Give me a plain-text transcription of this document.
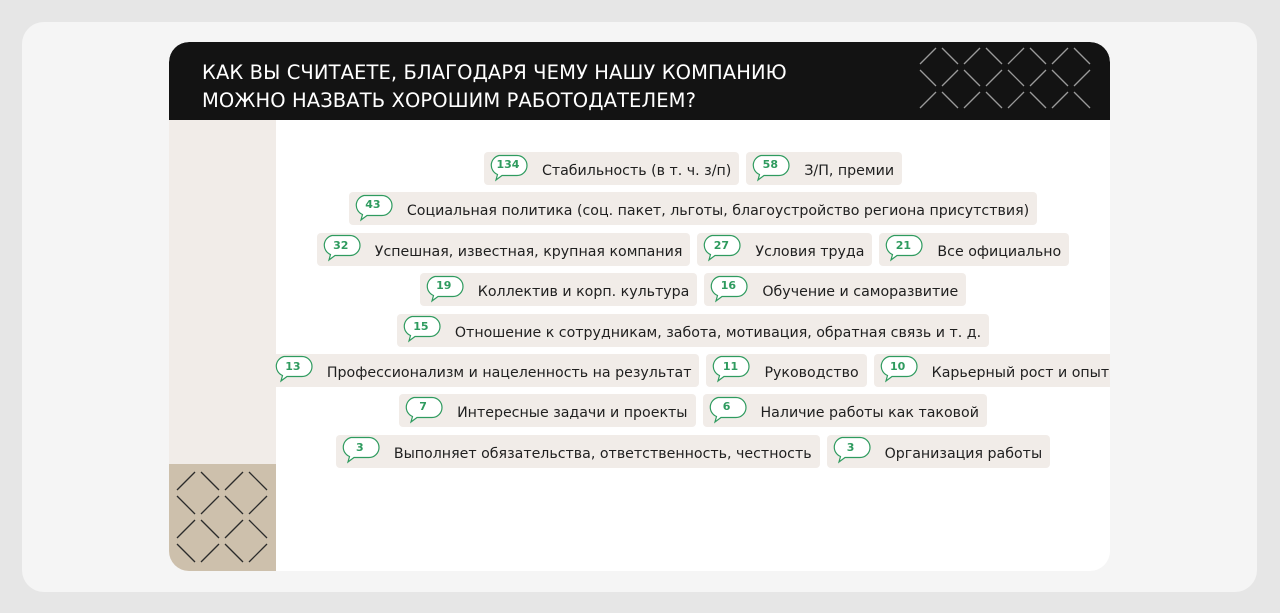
КАК ВЫ СЧИТАЕТЕ, БЛАГОДАРЯ ЧЕМУ НАШУ КОМПАНИЮ
МОЖНО НАЗВАТЬ ХОРОШИМ РАБОТОДАТЕЛЕМ?
134	Стабильность (в т. ч. з/п)	58	З/П, премии
43	Социальная политика (соц. пакет, льготы, благоустройство региона присутствия)
32	Успешная, известная, крупная компания	27	Условия труда	21	Все официально
19	Коллектив и корп. культура	16	Обучение и саморазвитие
15	Отношение к сотрудникам, забота, мотивация, обратная связь и т. д.
13	Профессионализм и нацеленность на результат	11	Руководство	10	Карьерный рост и опыт
7	Интересные задачи и проекты	6	Наличие работы как таковой
3	Выполняет обязательства, ответственность, честность	3	Организация работы
